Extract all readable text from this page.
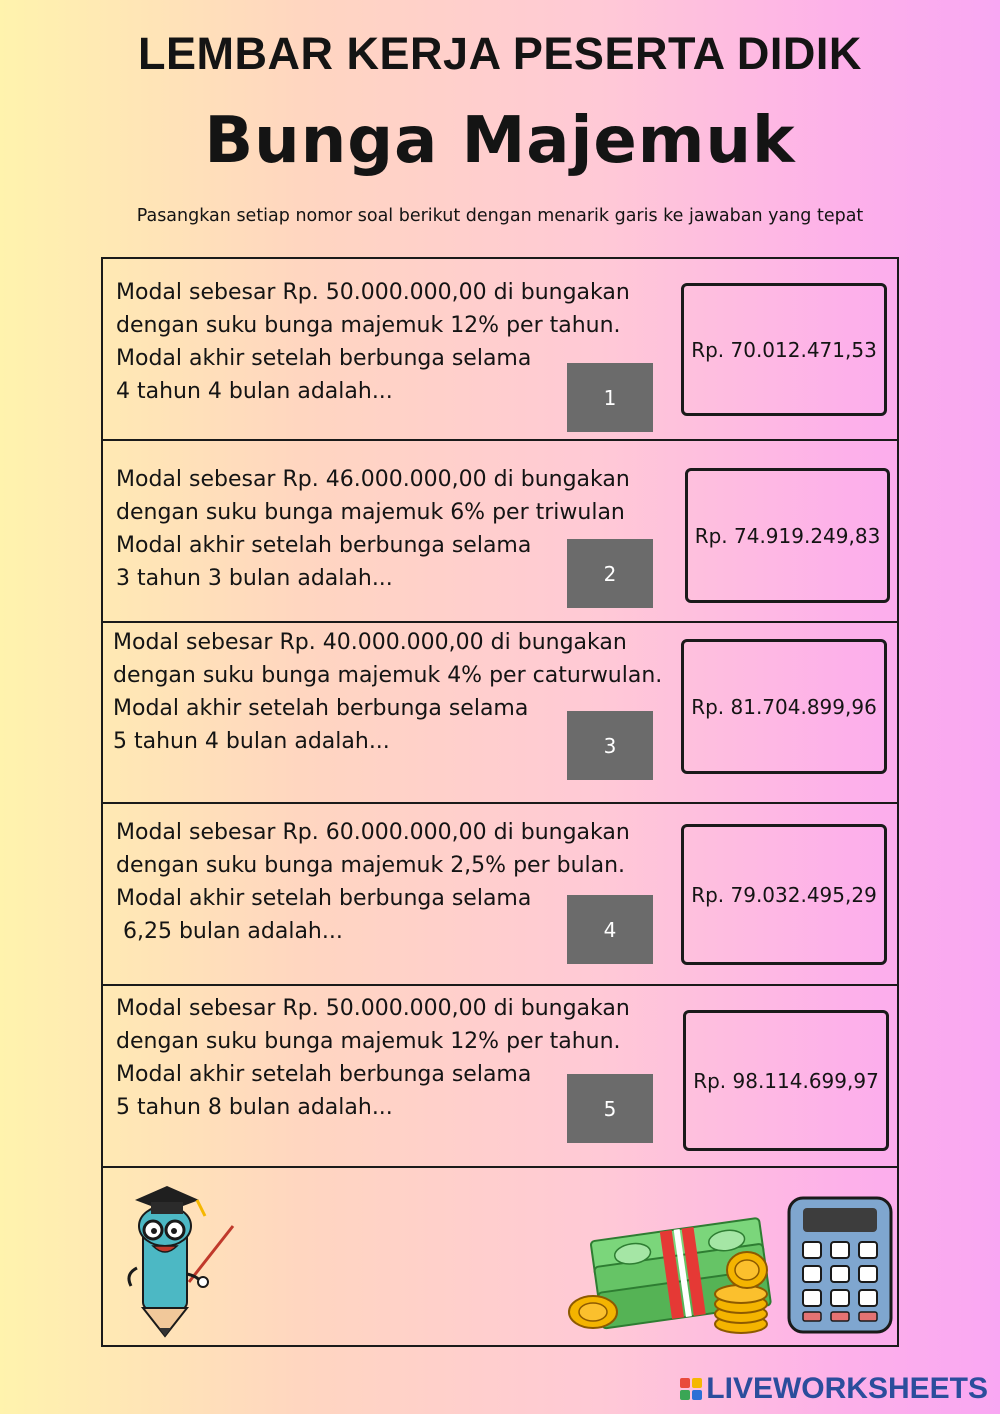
LEMBAR KERJA PESERTA DIDIK
Bunga Majemuk
Pasangkan setiap nomor soal berikut dengan menarik garis ke jawaban yang tepat

Modal sebesar Rp. 50.000.000,00 di bungakan
dengan suku bunga majemuk 12% per tahun.
Modal akhir setelah berbunga selama
4 tahun 4 bulan adalah...	1
Rp. 70.012.471,53

Modal sebesar Rp. 46.000.000,00 di bungakan
dengan suku bunga majemuk 6% per triwulan
Modal akhir setelah berbunga selama
3 tahun 3 bulan adalah...	2
Rp. 74.919.249,83

Modal sebesar Rp. 40.000.000,00 di bungakan
dengan suku bunga majemuk 4% per caturwulan.
Modal akhir setelah berbunga selama
5 tahun 4 bulan adalah...	3
Rp. 81.704.899,96

Modal sebesar Rp. 60.000.000,00 di bungakan
dengan suku bunga majemuk 2,5% per bulan.
Modal akhir setelah berbunga selama
6,25 bulan adalah...	4
Rp. 79.032.495,29

Modal sebesar Rp. 50.000.000,00 di bungakan
dengan suku bunga majemuk 12% per tahun.
Modal akhir setelah berbunga selama
5 tahun 8 bulan adalah...	5
Rp. 98.114.699,97
LIVEWORKSHEETS
